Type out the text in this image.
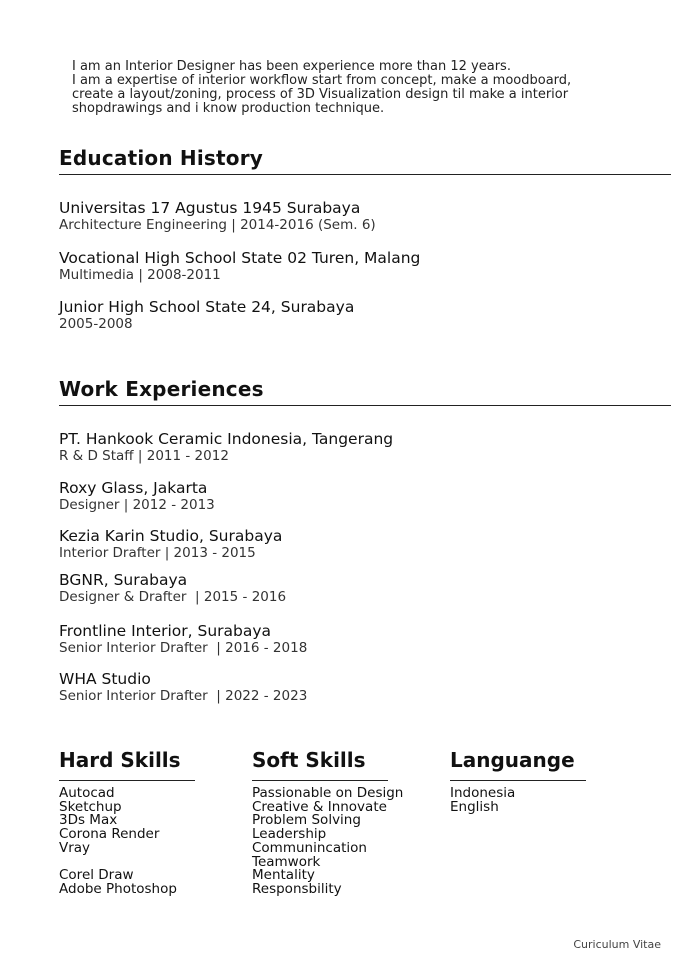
I am an Interior Designer has been experience more than 12 years.
I am a expertise of interior workflow start from concept, make a moodboard,
create a layout/zoning, process of 3D Visualization design til make a interior
shopdrawings and i know production technique.
Education History
Universitas 17 Agustus 1945 Surabaya
Architecture Engineering | 2014-2016 (Sem. 6)
Vocational High School State 02 Turen, Malang
Multimedia | 2008-2011
Junior High School State 24, Surabaya
2005-2008
Work Experiences
PT. Hankook Ceramic Indonesia, Tangerang
R & D Staff | 2011 - 2012
Roxy Glass, Jakarta
Designer | 2012 - 2013
Kezia Karin Studio, Surabaya
Interior Drafter | 2013 - 2015
BGNR, Surabaya
Designer & Drafter  | 2015 - 2016
Frontline Interior, Surabaya
Senior Interior Drafter  | 2016 - 2018
WHA Studio
Senior Interior Drafter  | 2022 - 2023
Hard Skills
Autocad
Sketchup
3Ds Max
Corona Render
Vray
Corel Draw
Adobe Photoshop
Soft Skills
Passionable on Design
Creative & Innovate
Problem Solving
Leadership
Communincation
Teamwork
Mentality
Responsbility
Languange
Indonesia
English
Curiculum Vitae
